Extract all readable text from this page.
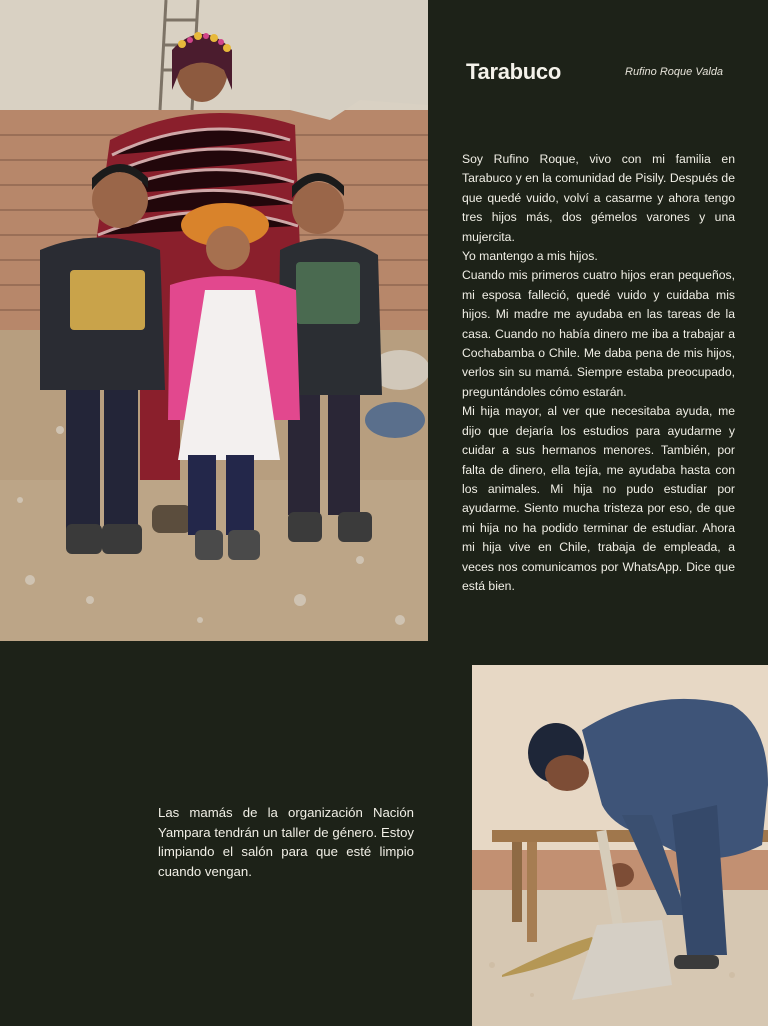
Tarabuco	Rufino Roque Valda

Soy Rufino Roque, vivo con mi familia en Tarabuco y en la comunidad de Pisily. Después de que quedé vuido, volví a casarme y ahora tengo tres hijos más, dos gémelos varones y una mujercita.

Yo mantengo a mis hijos.

Cuando mis primeros cuatro hijos eran pequeños, mi esposa falleció, quedé vuido y cuidaba mis hijos. Mi madre me ayudaba en las tareas de la casa. Cuando no había dinero me iba a trabajar a Cochabamba o Chile. Me daba pena de mis hijos, verlos sin su mamá. Siempre estaba preocupado, preguntándoles cómo estarán.

Mi hija mayor, al ver que necesitaba ayuda, me dijo que dejaría los estudios para ayudarme y cuidar a sus hermanos menores. También, por falta de dinero, ella tejía, me ayudaba hasta con los animales. Mi hija no pudo estudiar por ayudarme. Siento mucha tristeza por eso, de que mi hija no ha podido terminar de estudiar. Ahora mi hija vive en Chile, trabaja de empleada, a veces nos comunicamos por WhatsApp. Dice que está bien.

Las mamás de la organización Nación Yampara tendrán un taller de género. Estoy limpiando el salón para que esté limpio cuando vengan.
